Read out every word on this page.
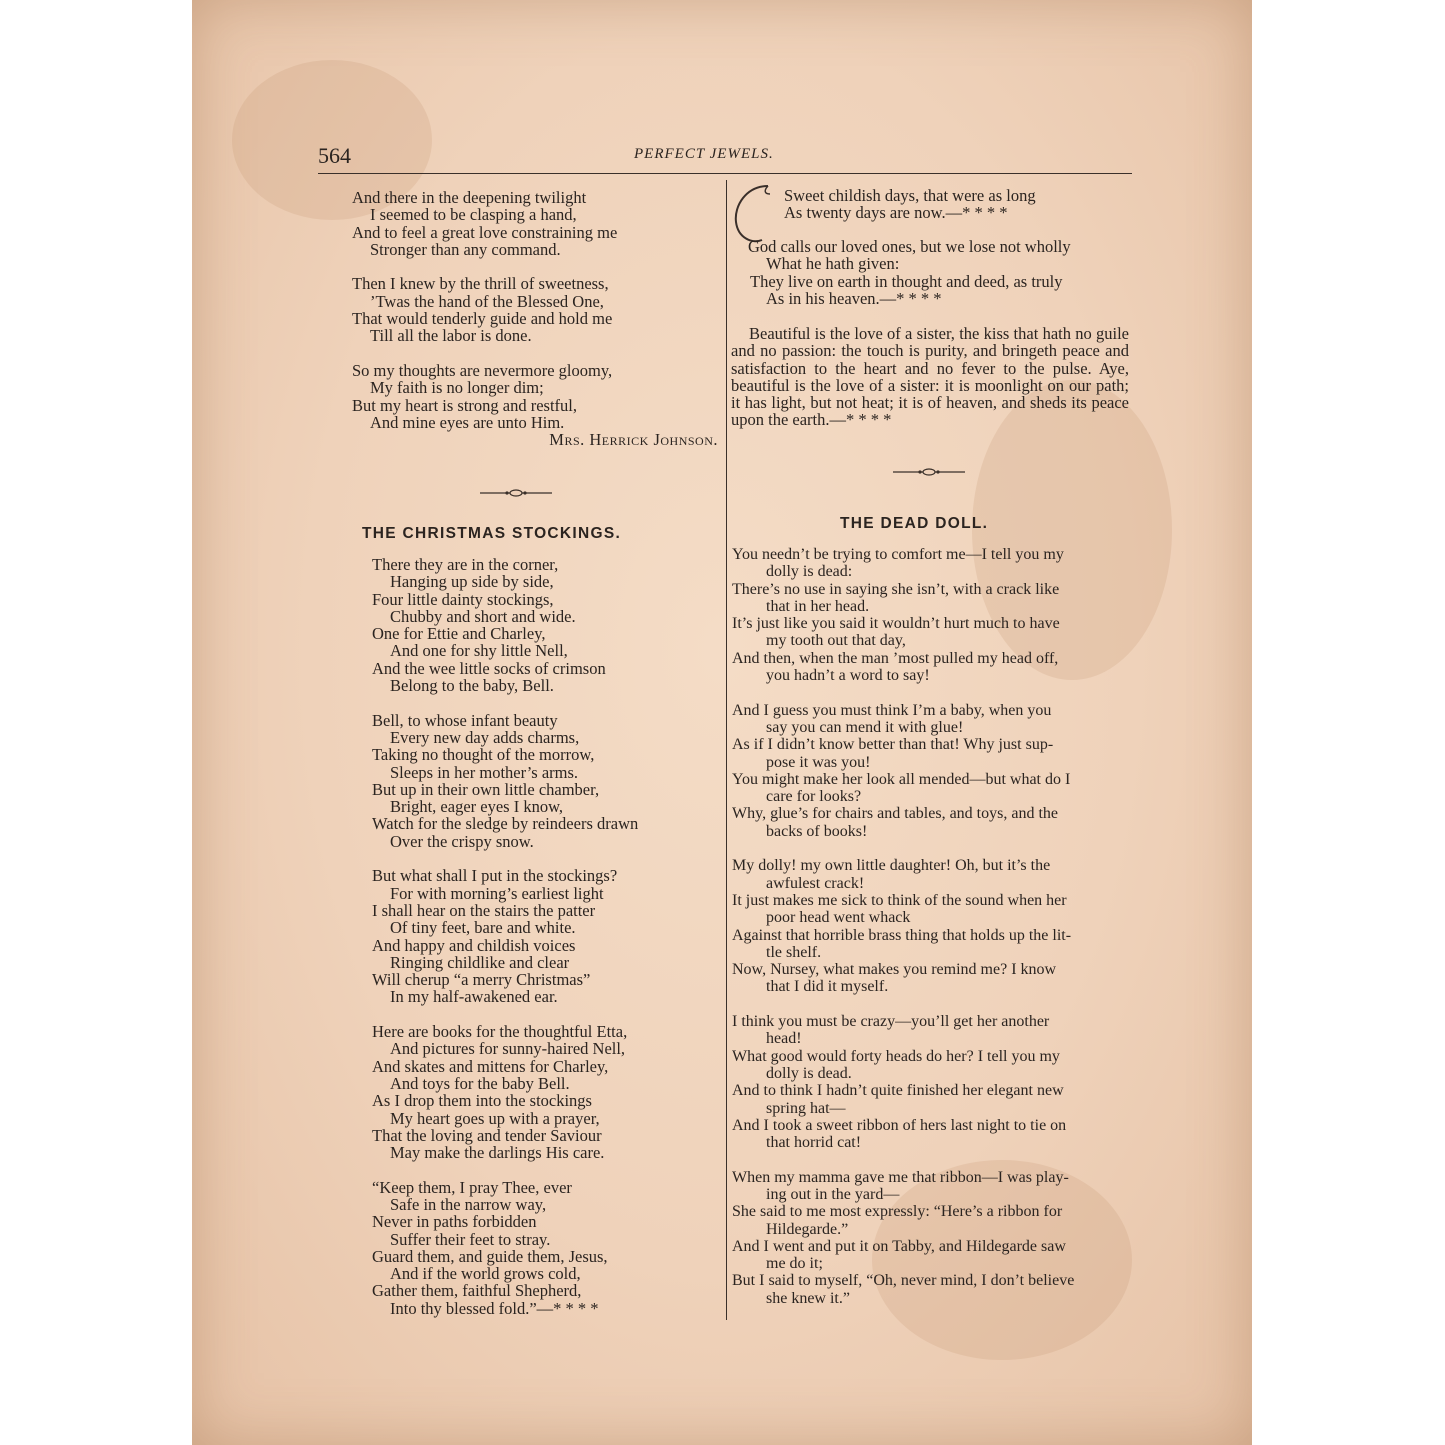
564	PERFECT JEWELS.

And there in the deepening twilight

I seemed to be clasping a hand,

And to feel a great love constraining me

Stronger than any command.

Then I knew by the thrill of sweetness,

’Twas the hand of the Blessed One,

That would tenderly guide and hold me

Till all the labor is done.

So my thoughts are nevermore gloomy,

My faith is no longer dim;

But my heart is strong and restful,

And mine eyes are unto Him.

Mrs. Herrick Johnson.

THE CHRISTMAS STOCKINGS.

There they are in the corner,

Hanging up side by side,

Four little dainty stockings,

Chubby and short and wide.

One for Ettie and Charley,

And one for shy little Nell,

And the wee little socks of crimson

Belong to the baby, Bell.

Bell, to whose infant beauty

Every new day adds charms,

Taking no thought of the morrow,

Sleeps in her mother’s arms.

But up in their own little chamber,

Bright, eager eyes I know,

Watch for the sledge by reindeers drawn

Over the crispy snow.

But what shall I put in the stockings?

For with morning’s earliest light

I shall hear on the stairs the patter

Of tiny feet, bare and white.

And happy and childish voices

Ringing childlike and clear

Will cherup “a merry Christmas”

In my half-awakened ear.

Here are books for the thoughtful Etta,

And pictures for sunny-haired Nell,

And skates and mittens for Charley,

And toys for the baby Bell.

As I drop them into the stockings

My heart goes up with a prayer,

That the loving and tender Saviour

May make the darlings His care.

“Keep them, I pray Thee, ever

Safe in the narrow way,

Never in paths forbidden

Suffer their feet to stray.

Guard them, and guide them, Jesus,

And if the world grows cold,

Gather them, faithful Shepherd,

Into thy blessed fold.”—* * * *

Sweet childish days, that were as long

As twenty days are now.—* * * *

God calls our loved ones, but we lose not wholly

What he hath given:

They live on earth in thought and deed, as truly

As in his heaven.—* * * *

Beautiful is the love of a sister, the kiss that hath no guile and no passion: the touch is purity, and bringeth peace and satisfaction to the heart and no fever to the pulse. Aye, beautiful is the love of a sister: it is moonlight on our path; it has light, but not heat; it is of heaven, and sheds its peace upon the earth.—* * * *

THE DEAD DOLL.

You needn’t be trying to comfort me—I tell you my

dolly is dead:

There’s no use in saying she isn’t, with a crack like

that in her head.

It’s just like you said it wouldn’t hurt much to have

my tooth out that day,

And then, when the man ’most pulled my head off,

you hadn’t a word to say!

And I guess you must think I’m a baby, when you

say you can mend it with glue!

As if I didn’t know better than that! Why just sup-

pose it was you!

You might make her look all mended—but what do I

care for looks?

Why, glue’s for chairs and tables, and toys, and the

backs of books!

My dolly! my own little daughter! Oh, but it’s the

awfulest crack!

It just makes me sick to think of the sound when her

poor head went whack

Against that horrible brass thing that holds up the lit-

tle shelf.

Now, Nursey, what makes you remind me? I know

that I did it myself.

I think you must be crazy—you’ll get her another

head!

What good would forty heads do her? I tell you my

dolly is dead.

And to think I hadn’t quite finished her elegant new

spring hat—

And I took a sweet ribbon of hers last night to tie on

that horrid cat!

When my mamma gave me that ribbon—I was play-

ing out in the yard—

She said to me most expressly: “Here’s a ribbon for

Hildegarde.”

And I went and put it on Tabby, and Hildegarde saw

me do it;

But I said to myself, “Oh, never mind, I don’t believe

she knew it.”
